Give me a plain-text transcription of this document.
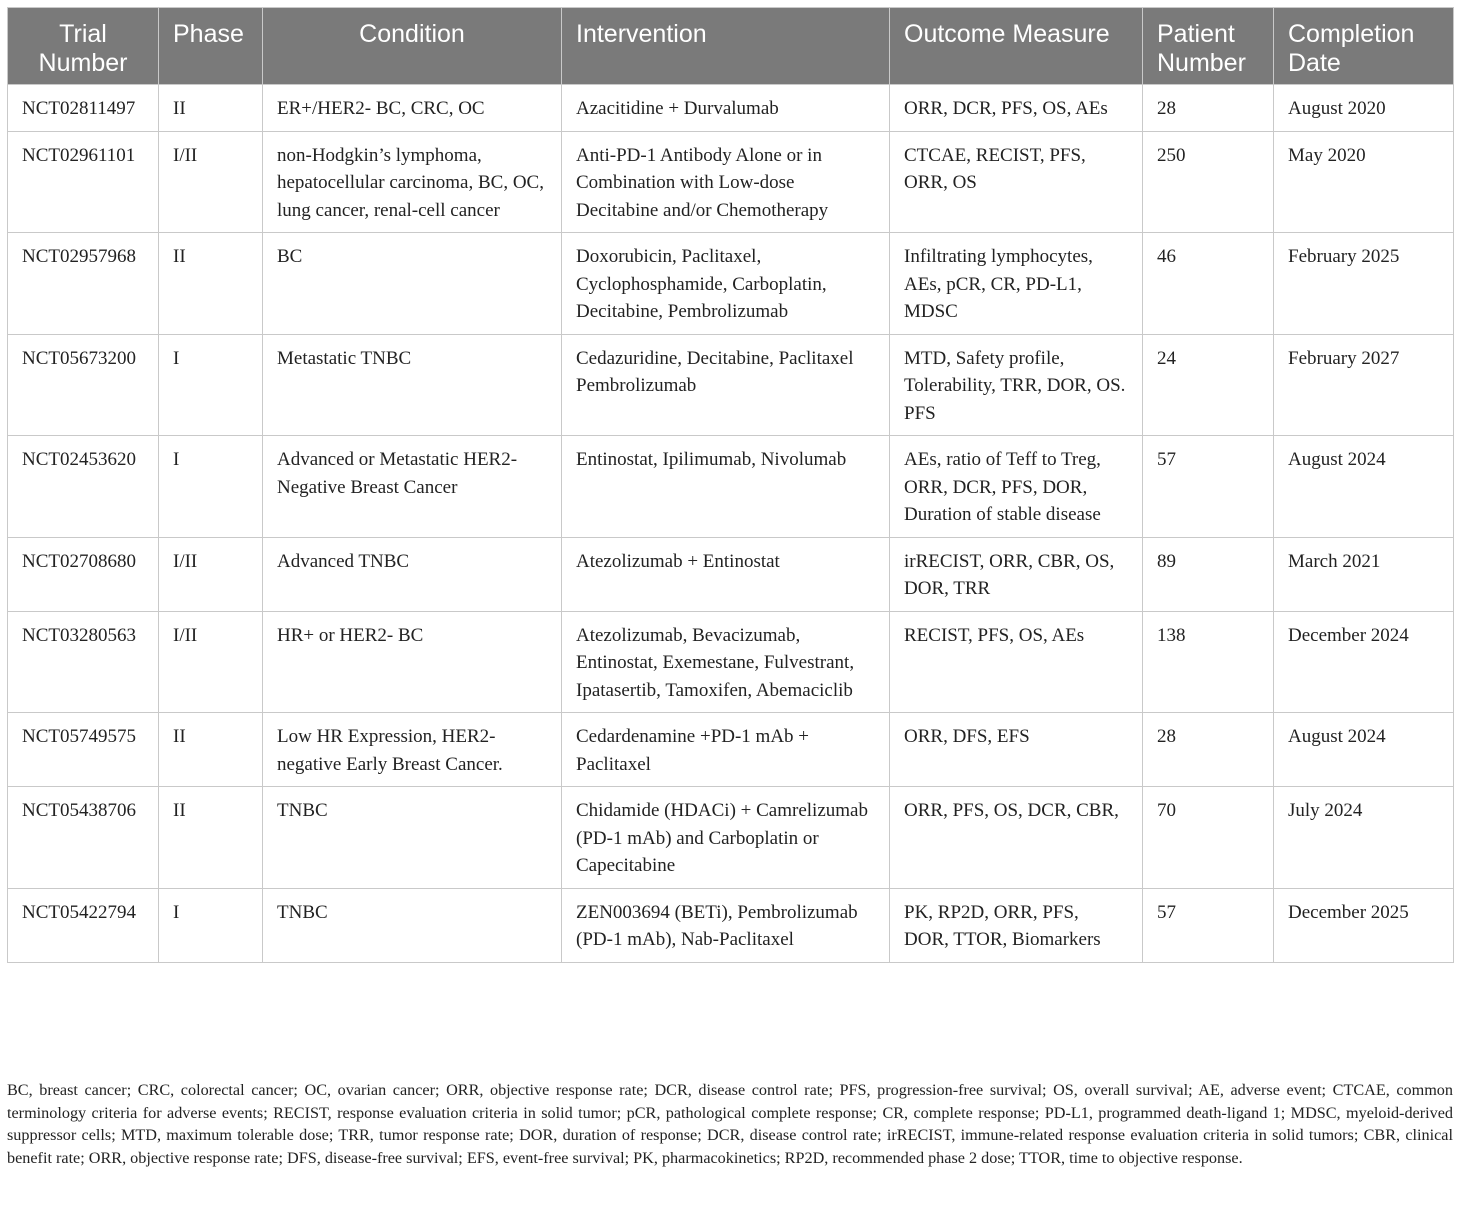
Trial Number	Phase	Condition	Intervention	Outcome Measure	Patient Number	Completion Date
NCT02811497	II	ER+/HER2- BC, CRC, OC	Azacitidine + Durvalumab	ORR, DCR, PFS, OS, AEs	28	August 2020
NCT02961101	I/II	non-Hodgkin’s lymphoma, hepatocellular carcinoma, BC, OC, lung cancer, renal-cell cancer	Anti-PD-1 Antibody Alone or in Combination with Low-dose Decitabine and/or Chemotherapy	CTCAE, RECIST, PFS, ORR, OS	250	May 2020
NCT02957968	II	BC	Doxorubicin, Paclitaxel, Cyclophosphamide, Carboplatin, Decitabine, Pembrolizumab	Infiltrating lymphocytes, AEs, pCR, CR, PD-L1, MDSC	46	February 2025
NCT05673200	I	Metastatic TNBC	Cedazuridine, Decitabine, Paclitaxel Pembrolizumab	MTD, Safety profile, Tolerability, TRR, DOR, OS. PFS	24	February 2027
NCT02453620	I	Advanced or Metastatic HER2-Negative Breast Cancer	Entinostat, Ipilimumab, Nivolumab	AEs, ratio of Teff to Treg, ORR, DCR, PFS, DOR, Duration of stable disease	57	August 2024
NCT02708680	I/II	Advanced TNBC	Atezolizumab + Entinostat	irRECIST, ORR, CBR, OS, DOR, TRR	89	March 2021
NCT03280563	I/II	HR+ or HER2- BC	Atezolizumab, Bevacizumab, Entinostat, Exemestane, Fulvestrant, Ipatasertib, Tamoxifen, Abemaciclib	RECIST, PFS, OS, AEs	138	December 2024
NCT05749575	II	Low HR Expression, HER2-negative Early Breast Cancer.	Cedardenamine +PD-1 mAb + Paclitaxel	ORR, DFS, EFS	28	August 2024
NCT05438706	II	TNBC	Chidamide (HDACi) + Camrelizumab (PD-1 mAb) and Carboplatin or Capecitabine	ORR, PFS, OS, DCR, CBR,	70	July 2024
NCT05422794	I	TNBC	ZEN003694 (BETi), Pembrolizumab (PD-1 mAb), Nab-Paclitaxel	PK, RP2D, ORR, PFS, DOR, TTOR, Biomarkers	57	December 2025
BC, breast cancer; CRC, colorectal cancer; OC, ovarian cancer; ORR, objective response rate; DCR, disease control rate; PFS, progression-free survival; OS, overall survival; AE, adverse event; CTCAE, common terminology criteria for adverse events; RECIST, response evaluation criteria in solid tumor; pCR, pathological complete response; CR, complete response; PD-L1, programmed death-ligand 1; MDSC, myeloid-derived suppressor cells; MTD, maximum tolerable dose; TRR, tumor response rate; DOR, duration of response; DCR, disease control rate; irRECIST, immune-related response evaluation criteria in solid tumors; CBR, clinical benefit rate; ORR, objective response rate; DFS, disease-free survival; EFS, event-free survival; PK, pharmacokinetics; RP2D, recommended phase 2 dose; TTOR, time to objective response.
